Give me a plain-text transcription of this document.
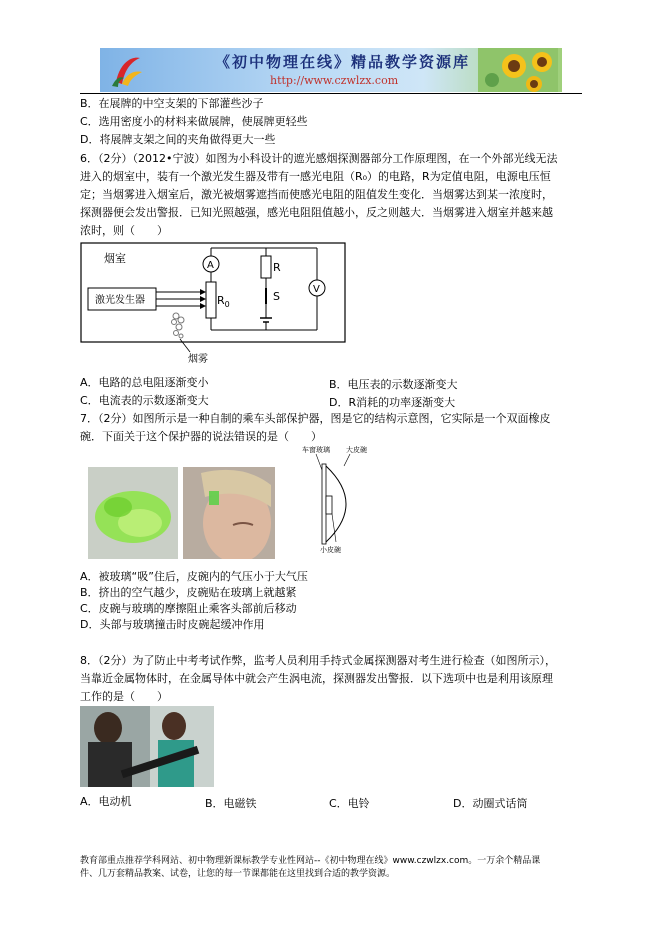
《初中物理在线》精品教学资源库
http://www.czwlzx.com
B．在展牌的中空支架的下部灌些沙子
C．选用密度小的材料来做展牌，使展牌更轻些
D．将展牌支架之间的夹角做得更大一些
6．（2分）（2012•宁波）如图为小科设计的遮光感烟探测器部分工作原理图，在一个外部光线无法
进入的烟室中，装有一个激光发生器及带有一感光电阻（R₀）的电路，R为定值电阻，电源电压恒
定；当烟雾进入烟室后，激光被烟雾遮挡而使感光电阻的阻值发生变化．当烟雾达到某一浓度时，
探测器便会发出警报．已知光照越强，感光电阻阻值越小，反之则越大．当烟雾进入烟室并越来越
浓时，则（　　）
烟室
激光发生器	$R_0$
A	R
S
V
烟雾
A．电路的总电阻逐渐变小	B．电压表的示数逐渐变大
C．电流表的示数逐渐变大	D．R消耗的功率逐渐变大
7．（2分）如图所示是一种自制的乘车头部保护器，图是它的结构示意图，它实际是一个双面橡皮
碗．下面关于这个保护器的说法错误的是（　　）
车窗玻璃 大皮碗
小皮碗
A．被玻璃“吸”住后，皮碗内的气压小于大气压
B．挤出的空气越少，皮碗贴在玻璃上就越紧
C．皮碗与玻璃的摩擦阻止乘客头部前后移动
D．头部与玻璃撞击时皮碗起缓冲作用
8．（2分）为了防止中考考试作弊，监考人员利用手持式金属探测器对考生进行检查（如图所示），
当靠近金属物体时，在金属导体中就会产生涡电流，探测器发出警报．以下选项中也是利用该原理
工作的是（　　）
A．电动机	B．电磁铁	C．电铃	D．动圈式话筒
教育部重点推荐学科网站、初中物理新课标教学专业性网站--《初中物理在线》www.czwlzx.com。一万余个精品课
件、几万套精品教案、试卷，让您的每一节课都能在这里找到合适的教学资源。
